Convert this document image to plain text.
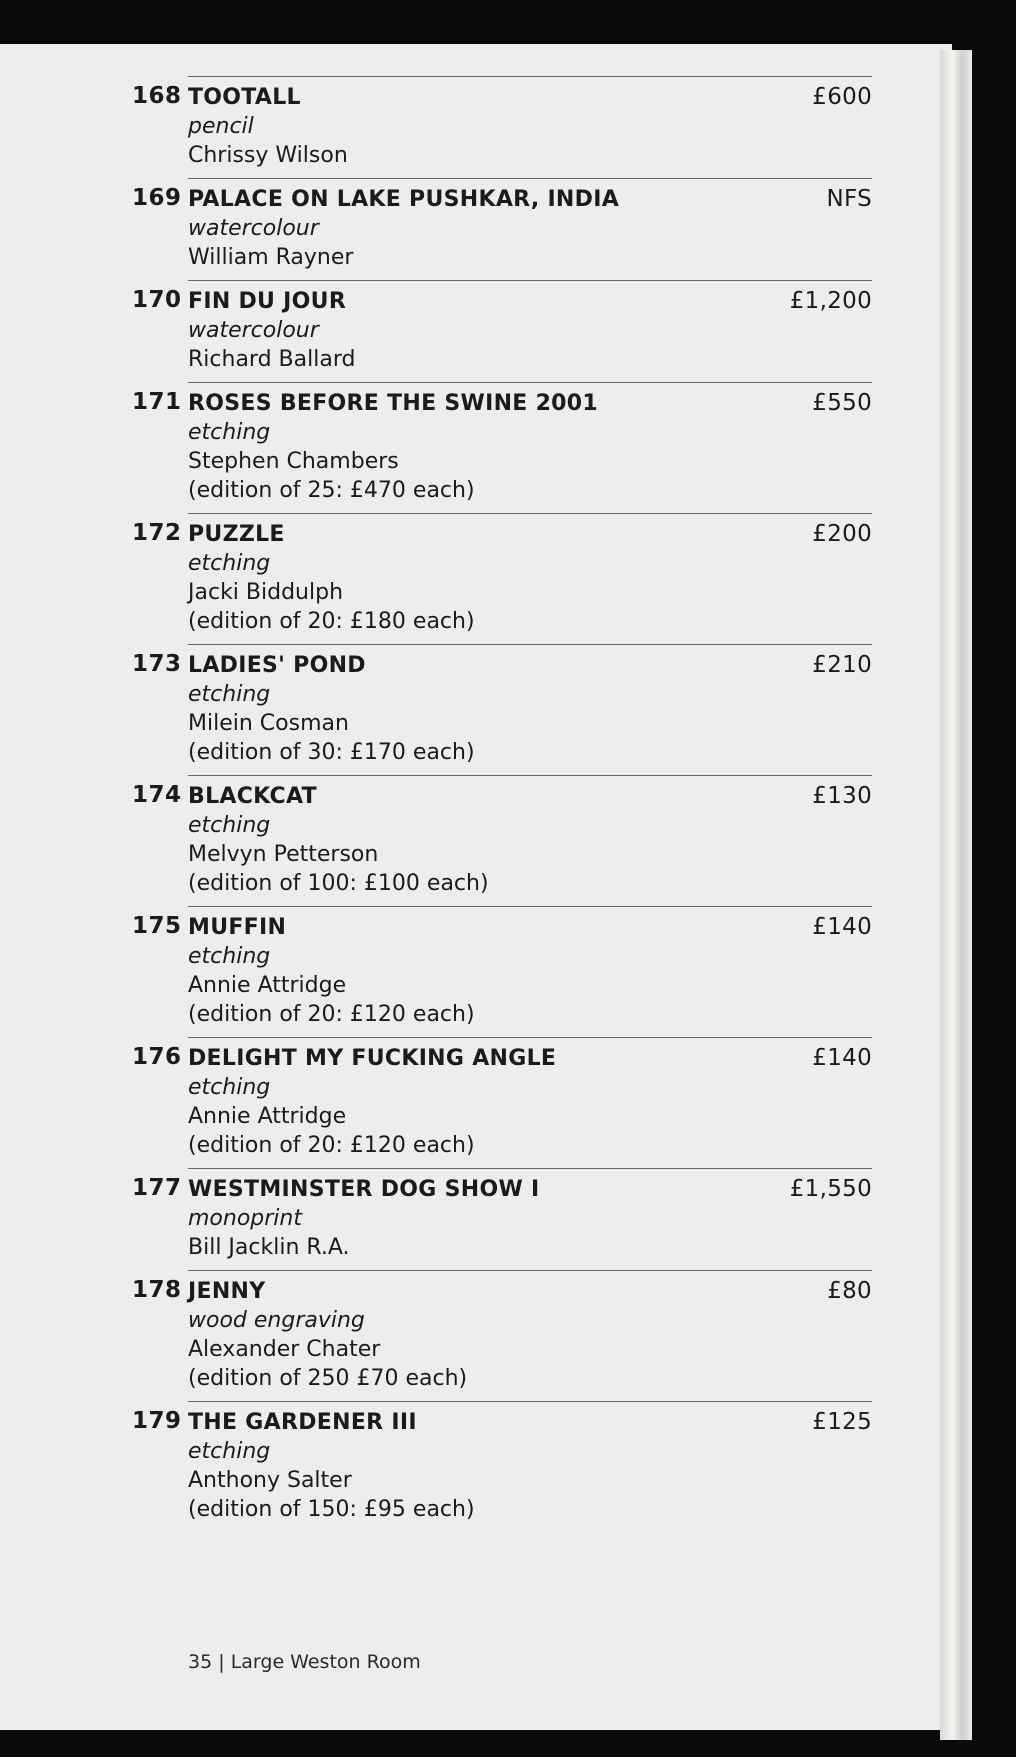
168 TOOTALL
pencil
Chrissy Wilson
£600
169 PALACE ON LAKE PUSHKAR, INDIA
watercolour
William Rayner
NFS
170 FIN DU JOUR
watercolour
Richard Ballard
£1,200
171 ROSES BEFORE THE SWINE 2001
etching
Stephen Chambers
(edition of 25: £470 each)
£550
172 PUZZLE
etching
Jacki Biddulph
(edition of 20: £180 each)
£200
173 LADIES' POND
etching
Milein Cosman
(edition of 30: £170 each)
£210
174 BLACKCAT
etching
Melvyn Petterson
(edition of 100: £100 each)
£130
175 MUFFIN
etching
Annie Attridge
(edition of 20: £120 each)
£140
176 DELIGHT MY FUCKING ANGLE
etching
Annie Attridge
(edition of 20: £120 each)
£140
177 WESTMINSTER DOG SHOW I
monoprint
Bill Jacklin R.A.
£1,550
178 JENNY
wood engraving
Alexander Chater
(edition of 250 £70 each)
£80
179 THE GARDENER III
etching
Anthony Salter
(edition of 150: £95 each)
£125
35 | Large Weston Room
